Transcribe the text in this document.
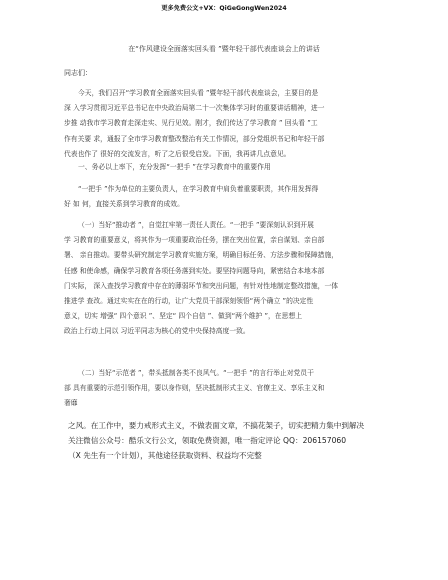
更多免费公文+VX：QiGeGongWen2024
在“作风建设全面落实回头看 ”暨年轻干部代表座谈会上的讲话
同志们：
今天，我们召开“学习教育全面落实回头看 ”暨年轻干部代表座谈会，主要目的是
深 入学习贯彻习近平总书记在中央政治局第二十一次集体学习时的重要讲话精神，进一
步推 动我市学习教育走深走实、见行见效。刚才，我们传达了学习教育 ” 回头看 ”工
作有关要 求，通报了全市学习教育整改整治有关工作情况，部分党组织书记和年轻干部
代表也作了 很好的交流发言，听了之后很受启发。下面，我再讲几点意见。
一、务必以上率下，充分发挥“一把手 ”在学习教育中的重要作用
“一把手 ”作为单位的主要负责人，在学习教育中肩负着重要职责，其作用发挥得
好 如 何，直接关系到学习教育的成效。
（一）当好“推动者 ”，自觉扛牢第一责任人责任。“一把手 ”要深刻认识到开展
学 习教育的重要意义，将其作为一项重要政治任务，摆在突出位置，亲自谋划、亲自部
署、 亲自推动。要带头研究制定学习教育实施方案，明确目标任务、方法步骤和保障措施，
任感 和使命感，确保学习教育各项任务落到实处。要坚持问题导向，紧密结合本地本部
门实际， 深入查找学习教育中存在的薄弱环节和突出问题，有针对性地制定整改措施，一体
推进学 查改。通过实实在在的行动，让广大党员干部深刻领悟“两个确立 ”的决定性
意义，切实 增强“ 四个意识 ”、坚定“ 四个自信 ”、做到“两个维护 ”，在思想上
政治上行动上同以 习近平同志为核心的党中央保持高度一致。
（二）当好“示范者 ”，带头抵制各类不良风气。“一把手 ”的言行举止对党员干
部 具有重要的示范引领作用，要以身作则，坚决抵制形式主义、官僚主义、享乐主义和
奢靡
之风。在工作中，要力戒形式主义，不做表面文章，不搞花架子，切实把精力集中到解决
关注微信公众号：酷乐文行公文，领取免费资源，唯一指定评论 QQ：206157060
（X 先生有一个计划），其他途径获取资料、权益均不完整
